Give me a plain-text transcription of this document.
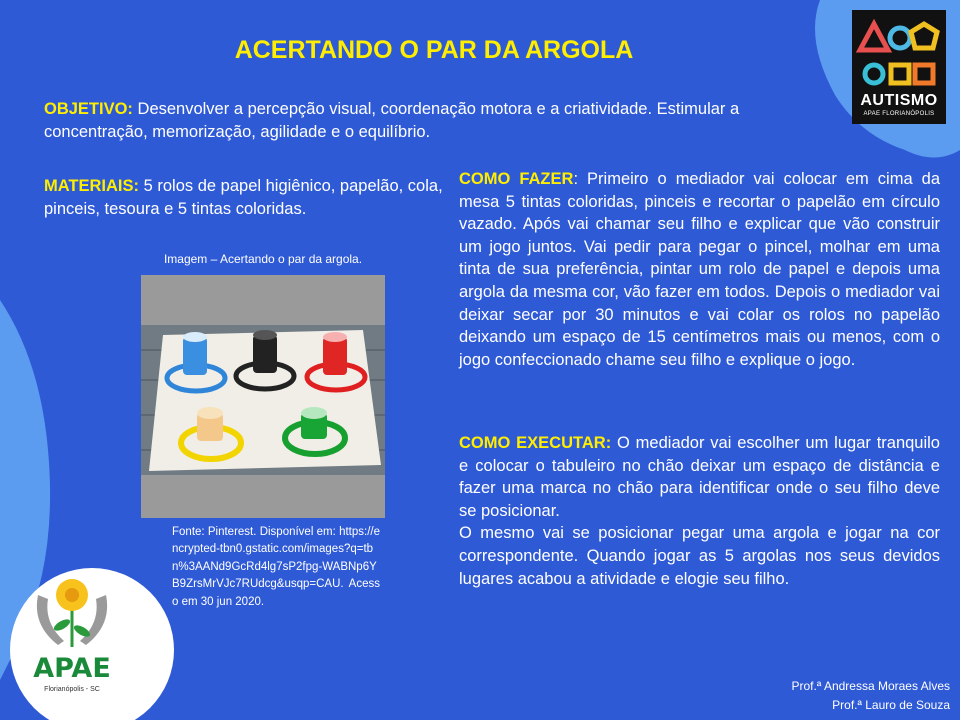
ACERTANDO O PAR DA ARGOLA

OBJETIVO: Desenvolver a percepção visual, coordenação motora e a criatividade. Estimular a concentração, memorização, agilidade e o equilíbrio.

MATERIAIS: 5 rolos de papel higiênico, papelão, cola, pinceis, tesoura e 5 tintas coloridas.

Imagem – Acertando o par da argola.
Fonte: Pinterest. Disponível em: https://encrypted-tbn0.gstatic.com/images?q=tbn%3AANd9GcRd4lg7sP2fpg-WABNp6YB9ZrsMrVJc7RUdcg&usqp=CAU. Acesso em 30 jun 2020.

COMO FAZER: Primeiro o mediador vai colocar em cima da mesa 5 tintas coloridas, pinceis e recortar o papelão em círculo vazado. Após vai chamar seu filho e explicar que vão construir um jogo juntos. Vai pedir para pegar o pincel, molhar em uma tinta de sua preferência, pintar um rolo de papel e depois uma argola da mesma cor, vão fazer em todos. Depois o mediador vai deixar secar por 30 minutos e vai colar os rolos no papelão deixando um espaço de 15 centímetros mais ou menos, com o jogo confeccionado chame seu filho e explique o jogo.

COMO EXECUTAR: O mediador vai escolher um lugar tranquilo e colocar o tabuleiro no chão deixar um espaço de distância e fazer uma marca no chão para identificar onde o seu filho deve se posicionar.
O mesmo vai se posicionar pegar uma argola e jogar na cor correspondente. Quando jogar as 5 argolas nos seus devidos lugares acabou a atividade e elogie seu filho.

AUTISMO
APAE FLORIANÓPOLIS
APAE
Florianópolis - SC	Prof.ª Andressa Moraes Alves
Prof.ª Lauro de Souza
